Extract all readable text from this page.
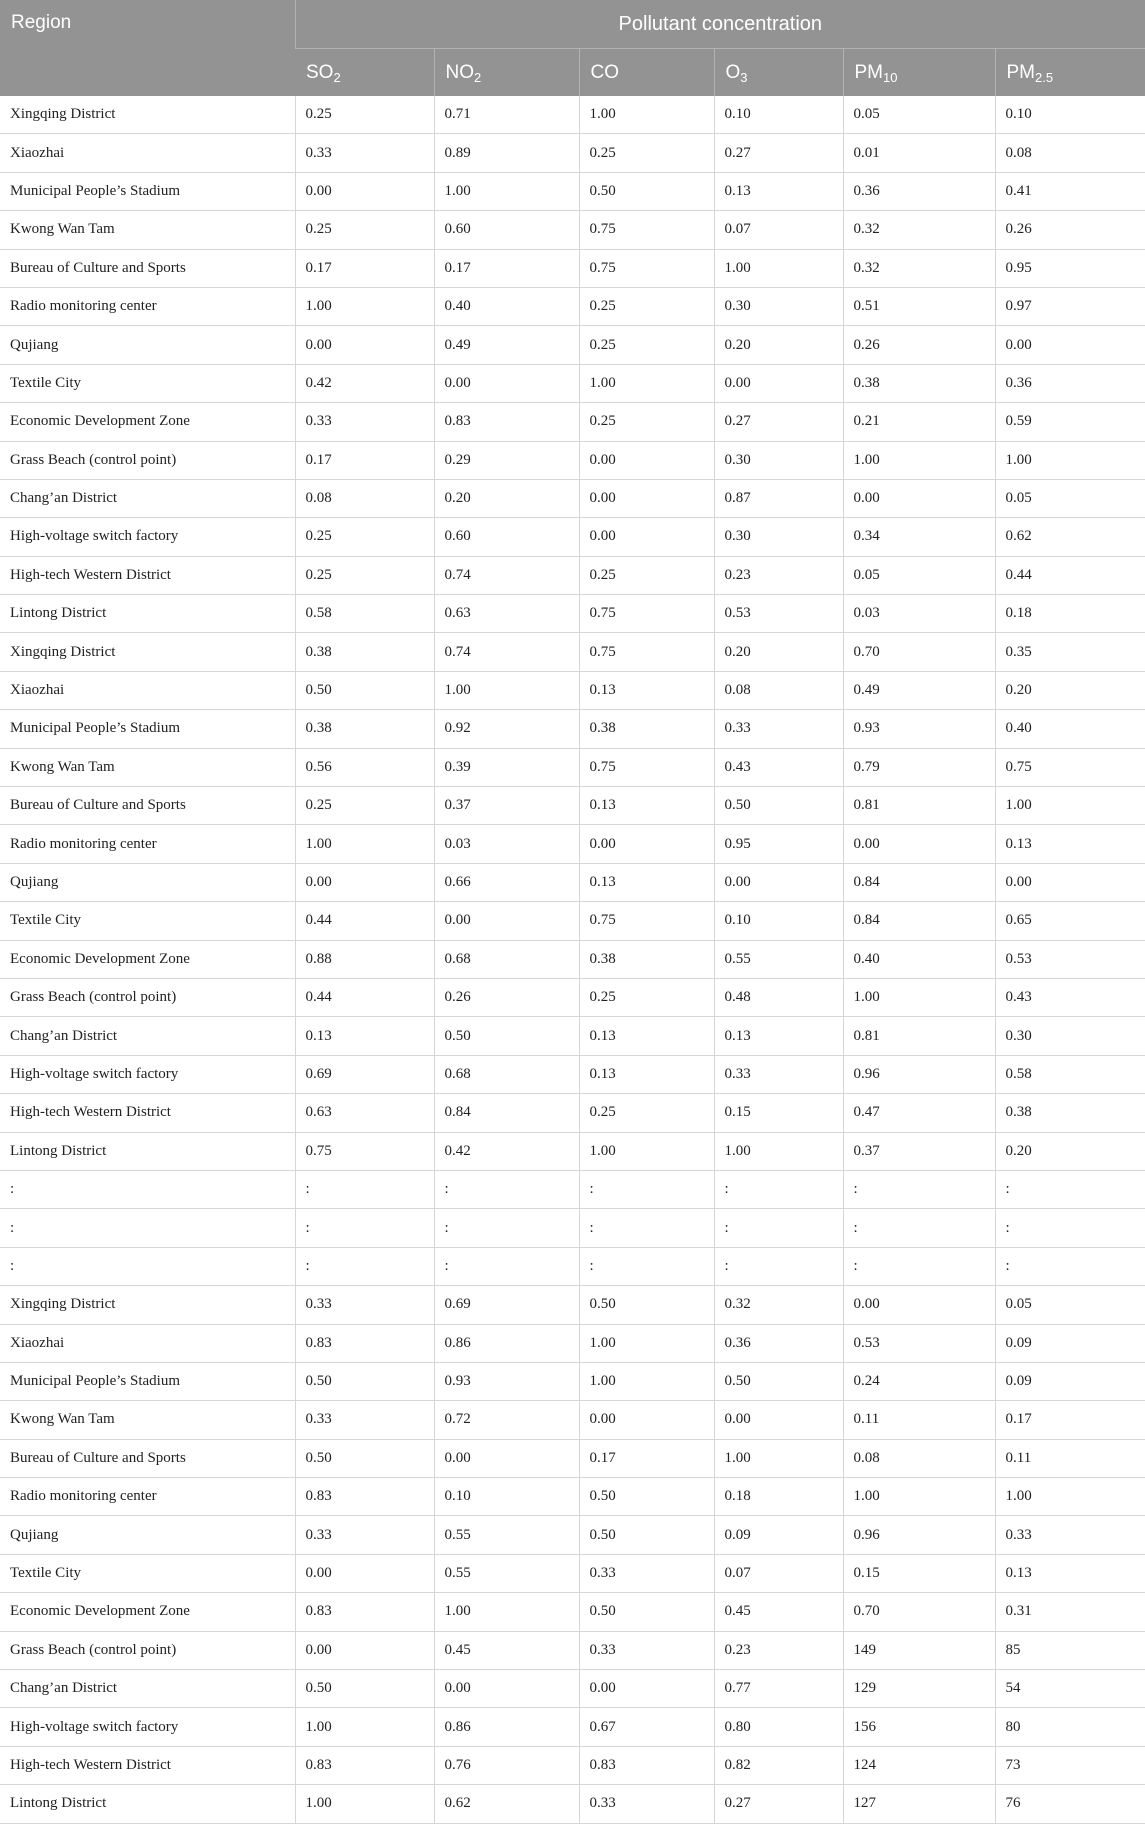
Region	Pollutant concentration					
	$SO_2$	$NO_2$	CO	$O_3$	$PM_{10}$	$PM_{2.5}$
Xingqing District	0.25	0.71	1.00	0.10	0.05	0.10
Xiaozhai	0.33	0.89	0.25	0.27	0.01	0.08
Municipal People’s Stadium	0.00	1.00	0.50	0.13	0.36	0.41
Kwong Wan Tam	0.25	0.60	0.75	0.07	0.32	0.26
Bureau of Culture and Sports	0.17	0.17	0.75	1.00	0.32	0.95
Radio monitoring center	1.00	0.40	0.25	0.30	0.51	0.97
Qujiang	0.00	0.49	0.25	0.20	0.26	0.00
Textile City	0.42	0.00	1.00	0.00	0.38	0.36
Economic Development Zone	0.33	0.83	0.25	0.27	0.21	0.59
Grass Beach (control point)	0.17	0.29	0.00	0.30	1.00	1.00
Chang’an District	0.08	0.20	0.00	0.87	0.00	0.05
High-voltage switch factory	0.25	0.60	0.00	0.30	0.34	0.62
High-tech Western District	0.25	0.74	0.25	0.23	0.05	0.44
Lintong District	0.58	0.63	0.75	0.53	0.03	0.18
Xingqing District	0.38	0.74	0.75	0.20	0.70	0.35
Xiaozhai	0.50	1.00	0.13	0.08	0.49	0.20
Municipal People’s Stadium	0.38	0.92	0.38	0.33	0.93	0.40
Kwong Wan Tam	0.56	0.39	0.75	0.43	0.79	0.75
Bureau of Culture and Sports	0.25	0.37	0.13	0.50	0.81	1.00
Radio monitoring center	1.00	0.03	0.00	0.95	0.00	0.13
Qujiang	0.00	0.66	0.13	0.00	0.84	0.00
Textile City	0.44	0.00	0.75	0.10	0.84	0.65
Economic Development Zone	0.88	0.68	0.38	0.55	0.40	0.53
Grass Beach (control point)	0.44	0.26	0.25	0.48	1.00	0.43
Chang’an District	0.13	0.50	0.13	0.13	0.81	0.30
High-voltage switch factory	0.69	0.68	0.13	0.33	0.96	0.58
High-tech Western District	0.63	0.84	0.25	0.15	0.47	0.38
Lintong District	0.75	0.42	1.00	1.00	0.37	0.20
:	:	:	:	:	:	:
:	:	:	:	:	:	:
:	:	:	:	:	:	:
Xingqing District	0.33	0.69	0.50	0.32	0.00	0.05
Xiaozhai	0.83	0.86	1.00	0.36	0.53	0.09
Municipal People’s Stadium	0.50	0.93	1.00	0.50	0.24	0.09
Kwong Wan Tam	0.33	0.72	0.00	0.00	0.11	0.17
Bureau of Culture and Sports	0.50	0.00	0.17	1.00	0.08	0.11
Radio monitoring center	0.83	0.10	0.50	0.18	1.00	1.00
Qujiang	0.33	0.55	0.50	0.09	0.96	0.33
Textile City	0.00	0.55	0.33	0.07	0.15	0.13
Economic Development Zone	0.83	1.00	0.50	0.45	0.70	0.31
Grass Beach (control point)	0.00	0.45	0.33	0.23	149	85
Chang’an District	0.50	0.00	0.00	0.77	129	54
High-voltage switch factory	1.00	0.86	0.67	0.80	156	80
High-tech Western District	0.83	0.76	0.83	0.82	124	73
Lintong District	1.00	0.62	0.33	0.27	127	76
